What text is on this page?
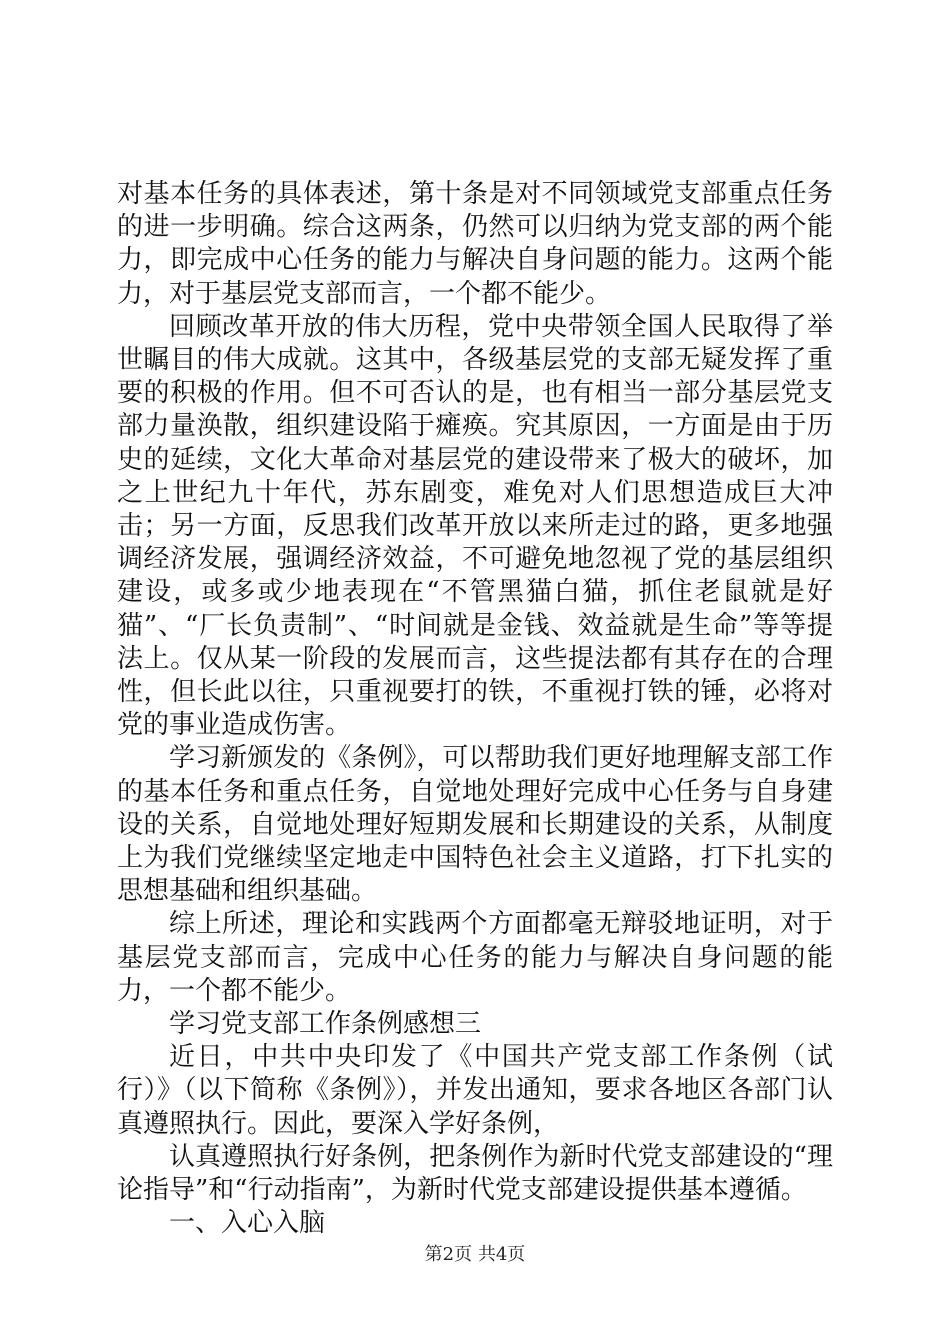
对基本任务的具体表述，第十条是对不同领域党支部重点任务的进一步明确。综合这两条，仍然可以归纳为党支部的两个能力，即完成中心任务的能力与解决自身问题的能力。这两个能力，对于基层党支部而言，一个都不能少。

回顾改革开放的伟大历程，党中央带领全国人民取得了举世瞩目的伟大成就。这其中，各级基层党的支部无疑发挥了重要的积极的作用。但不可否认的是，也有相当一部分基层党支部力量涣散，组织建设陷于瘫痪。究其原因，一方面是由于历史的延续，文化大革命对基层党的建设带来了极大的破坏，加之上世纪九十年代，苏东剧变，难免对人们思想造成巨大冲击；另一方面，反思我们改革开放以来所走过的路，更多地强调经济发展，强调经济效益，不可避免地忽视了党的基层组织建设，或多或少地表现在“不管黑猫白猫，抓住老鼠就是好猫”、“厂长负责制”、“时间就是金钱、效益就是生命”等等提法上。仅从某一阶段的发展而言，这些提法都有其存在的合理性，但长此以往，只重视要打的铁，不重视打铁的锤，必将对党的事业造成伤害。

学习新颁发的《条例》，可以帮助我们更好地理解支部工作的基本任务和重点任务，自觉地处理好完成中心任务与自身建设的关系，自觉地处理好短期发展和长期建设的关系，从制度上为我们党继续坚定地走中国特色社会主义道路，打下扎实的思想基础和组织基础。

综上所述，理论和实践两个方面都毫无辩驳地证明，对于基层党支部而言，完成中心任务的能力与解决自身问题的能力，一个都不能少。

学习党支部工作条例感想三

近日，中共中央印发了《中国共产党支部工作条例（试行）》（以下简称《条例》），并发出通知，要求各地区各部门认真遵照执行。因此，要深入学好条例，

认真遵照执行好条例，把条例作为新时代党支部建设的“理论指导”和“行动指南”，为新时代党支部建设提供基本遵循。

一、入心入脑

第2页 共4页
